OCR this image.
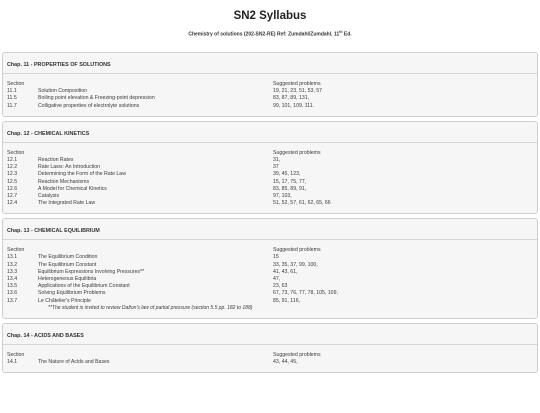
SN2 Syllabus
Chemistry of solutions (202-SN2-RE) Ref: Zumdahl/Zumdahl, 11th Ed.
Chap. 11 - PROPERTIES OF SOLUTIONS
Section	Suggested problems
11.1	Solution Composition	19, 21, 23, 51, 53, 57
11.5	Boiling point elevation & Freezing-point depression	83, 87, 89, 131,
11.7	Colligative properties of electrolyte solutions	99, 101, 109, 111.
Chap. 12 - CHEMICAL KINETICS
Section	Suggested problems
12.1	Reaction Rates	31,
12.2	Rate Laws: An Introduction	37
12.3	Determining the Form of the Rate Law	39, 45, 123,
12.5	Reaction Mechanisms	15, 17, 75, 77,
12.6	A Model for Chemical Kinetics	83, 85, 89, 91,
12.7	Catalysis	97, 103,
12.4	The Integrated Rate Law	51, 52, 57, 61, 62, 65, 66
Chap. 13 - CHEMICAL EQUILIBRIUM
Section	Suggested problems
13.1	The Equilibrium Condition	15
13.2	The Equilibrium Constant	33, 35, 37, 99, 100,
13.3	Equilibrium Expressions Involving Pressures**	41, 43, 61,
13.4	Heterogeneous Equilibria	47,
13.5	Applications of the Equilibrium Constant	23, 63
13.6	Solving Equilibrium Problems	67, 73, 76, 77, 78, 105, 109,
13.7	Le Châtelier's Principle	85, 91, 116,
**The student is invited to review Dalton's law of partial pressure (section 5.5 pp. 182 to 188)
Chap. 14 - ACIDS AND BASES
Section	Suggested problems
14.1	The Nature of Acids and Bases	43, 44, 45,
